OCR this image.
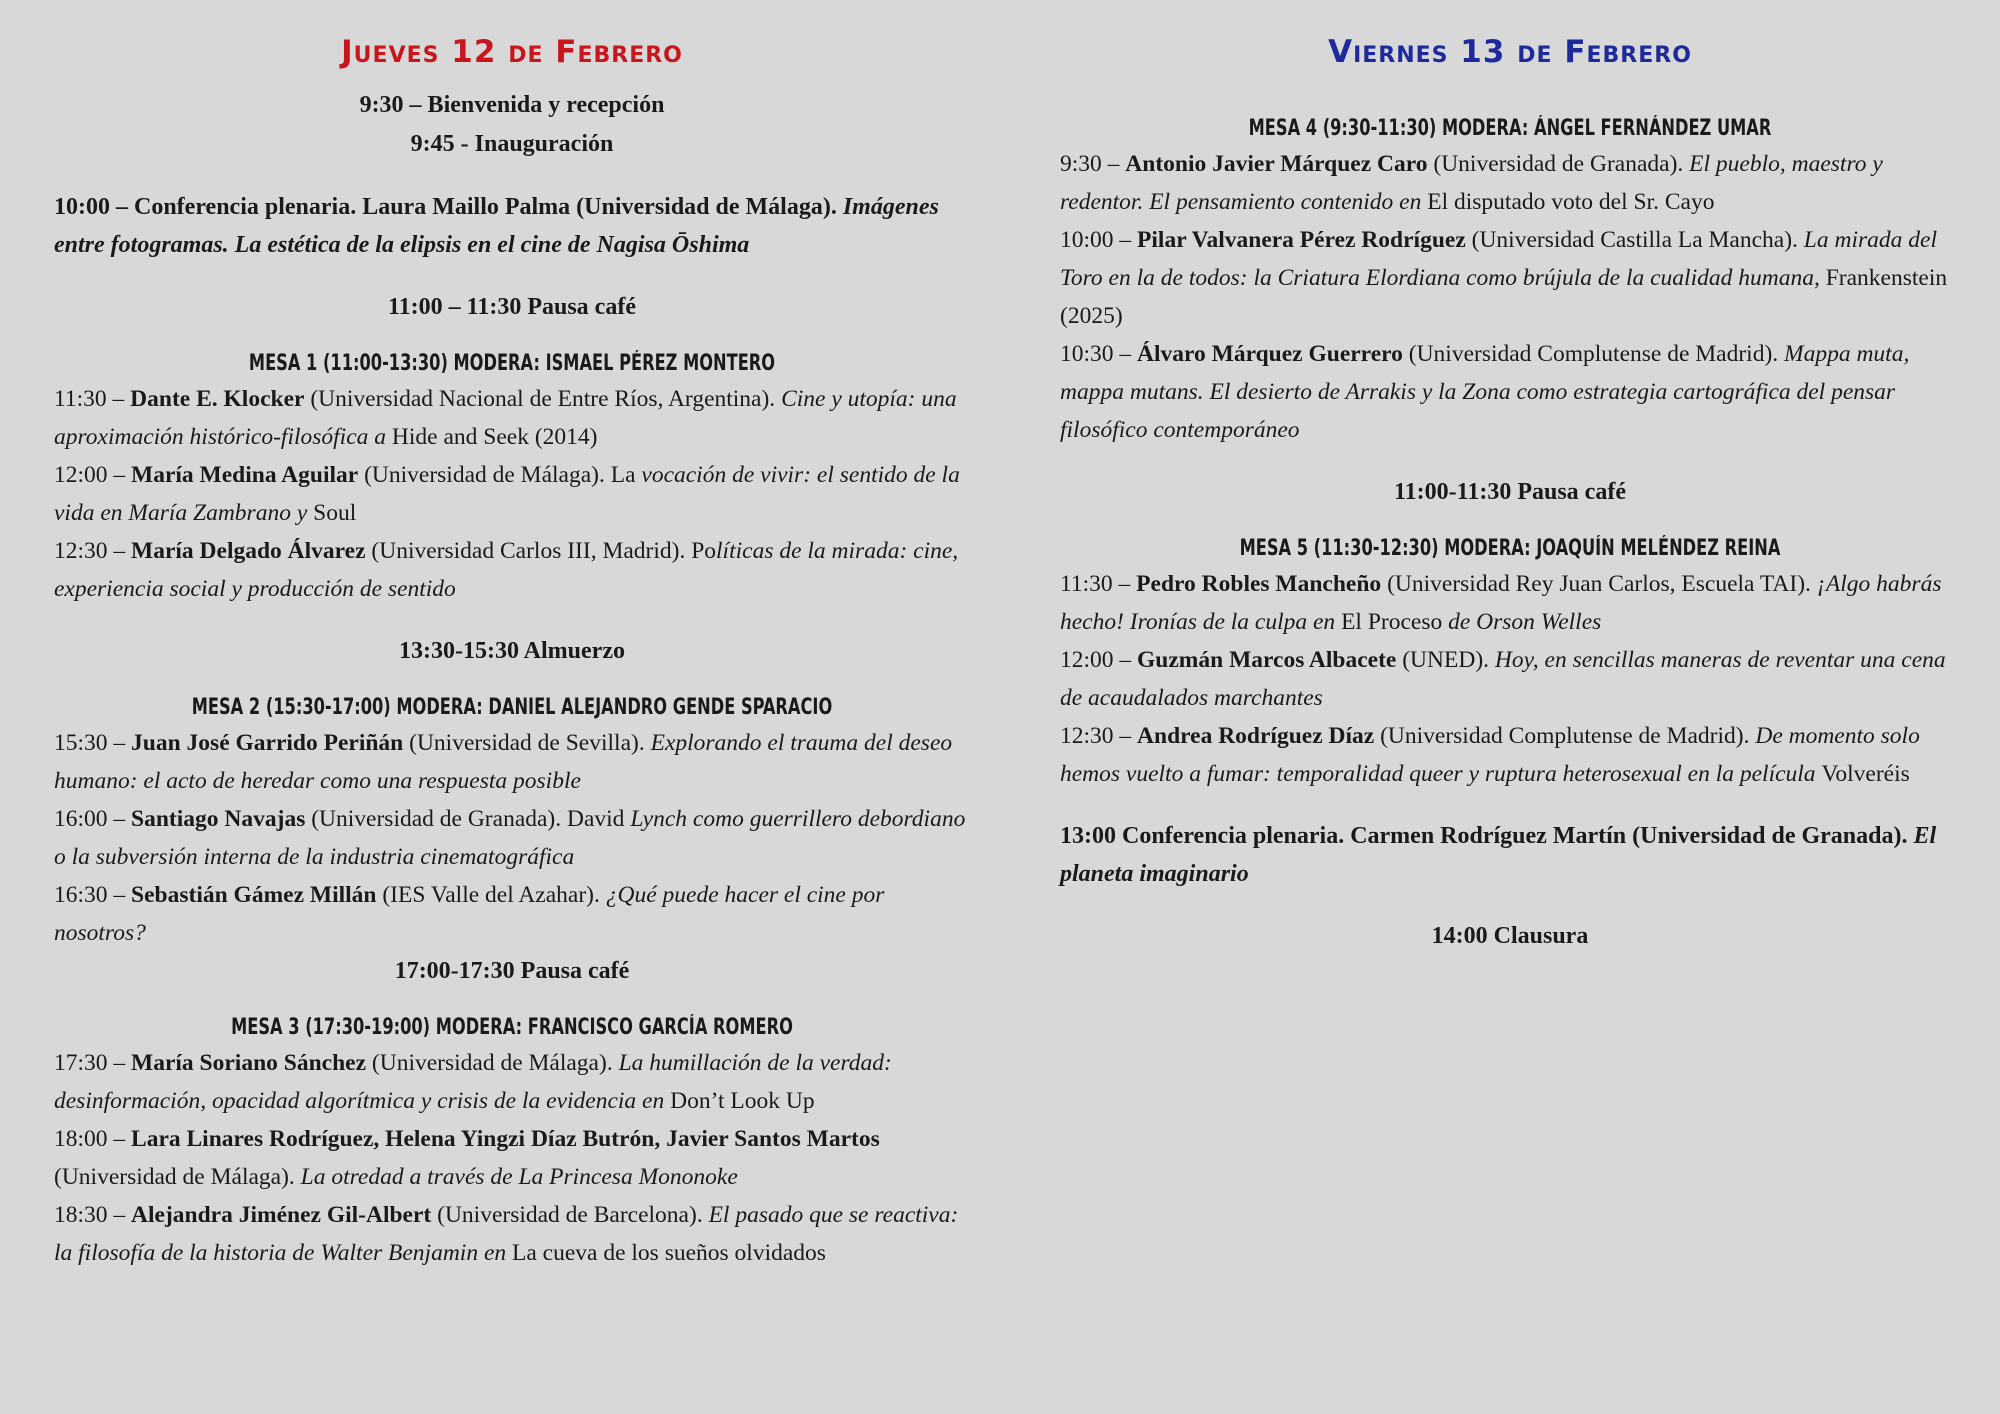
Jueves 12 de Febrero

9:30 – Bienvenida y recepción

9:45 - Inauguración

10:00 – Conferencia plenaria. Laura Maillo Palma (Universidad de Málaga). Imágenes entre fotogramas. La estética de la elipsis en el cine de Nagisa Ōshima

11:00 – 11:30 Pausa café

MESA 1 (11:00-13:30) MODERA: ISMAEL PÉREZ MONTERO

11:30 – Dante E. Klocker (Universidad Nacional de Entre Ríos, Argentina). Cine y utopía: una aproximación histórico-filosófica a Hide and Seek (2014)

12:00 – María Medina Aguilar (Universidad de Málaga). La vocación de vivir: el sentido de la vida en María Zambrano y Soul

12:30 – María Delgado Álvarez (Universidad Carlos III, Madrid). Políticas de la mirada: cine, experiencia social y producción de sentido

13:30-15:30 Almuerzo

MESA 2 (15:30-17:00) MODERA: DANIEL ALEJANDRO GENDE SPARACIO

15:30 – Juan José Garrido Periñán (Universidad de Sevilla). Explorando el trauma del deseo humano: el acto de heredar como una respuesta posible

16:00 – Santiago Navajas (Universidad de Granada). David Lynch como guerrillero debordiano o la subversión interna de la industria cinematográfica

16:30 – Sebastián Gámez Millán (IES Valle del Azahar). ¿Qué puede hacer el cine por nosotros?

17:00-17:30 Pausa café

MESA 3 (17:30-19:00) MODERA: FRANCISCO GARCÍA ROMERO

17:30 – María Soriano Sánchez (Universidad de Málaga). La humillación de la verdad: desinformación, opacidad algorítmica y crisis de la evidencia en Don’t Look Up

18:00 – Lara Linares Rodríguez, Helena Yingzi Díaz Butrón, Javier Santos Martos (Universidad de Málaga). La otredad a través de La Princesa Mononoke

18:30 – Alejandra Jiménez Gil-Albert (Universidad de Barcelona). El pasado que se reactiva: la filosofía de la historia de Walter Benjamin en La cueva de los sueños olvidados

Viernes 13 de Febrero

MESA 4 (9:30-11:30) MODERA: ÁNGEL FERNÁNDEZ UMAR

9:30 – Antonio Javier Márquez Caro (Universidad de Granada). El pueblo, maestro y redentor. El pensamiento contenido en El disputado voto del Sr. Cayo

10:00 – Pilar Valvanera Pérez Rodríguez (Universidad Castilla La Mancha). La mirada del Toro en la de todos: la Criatura Elordiana como brújula de la cualidad humana, Frankenstein (2025)

10:30 – Álvaro Márquez Guerrero (Universidad Complutense de Madrid). Mappa muta, mappa mutans. El desierto de Arrakis y la Zona como estrategia cartográfica del pensar filosófico contemporáneo

11:00-11:30 Pausa café

MESA 5 (11:30-12:30) MODERA: JOAQUÍN MELÉNDEZ REINA

11:30 – Pedro Robles Mancheño (Universidad Rey Juan Carlos, Escuela TAI). ¡Algo habrás hecho! Ironías de la culpa en El Proceso de Orson Welles

12:00 – Guzmán Marcos Albacete (UNED). Hoy, en sencillas maneras de reventar una cena de acaudalados marchantes

12:30 – Andrea Rodríguez Díaz (Universidad Complutense de Madrid). De momento solo hemos vuelto a fumar: temporalidad queer y ruptura heterosexual en la película Volveréis

13:00 Conferencia plenaria. Carmen Rodríguez Martín (Universidad de Granada). El planeta imaginario

14:00 Clausura
